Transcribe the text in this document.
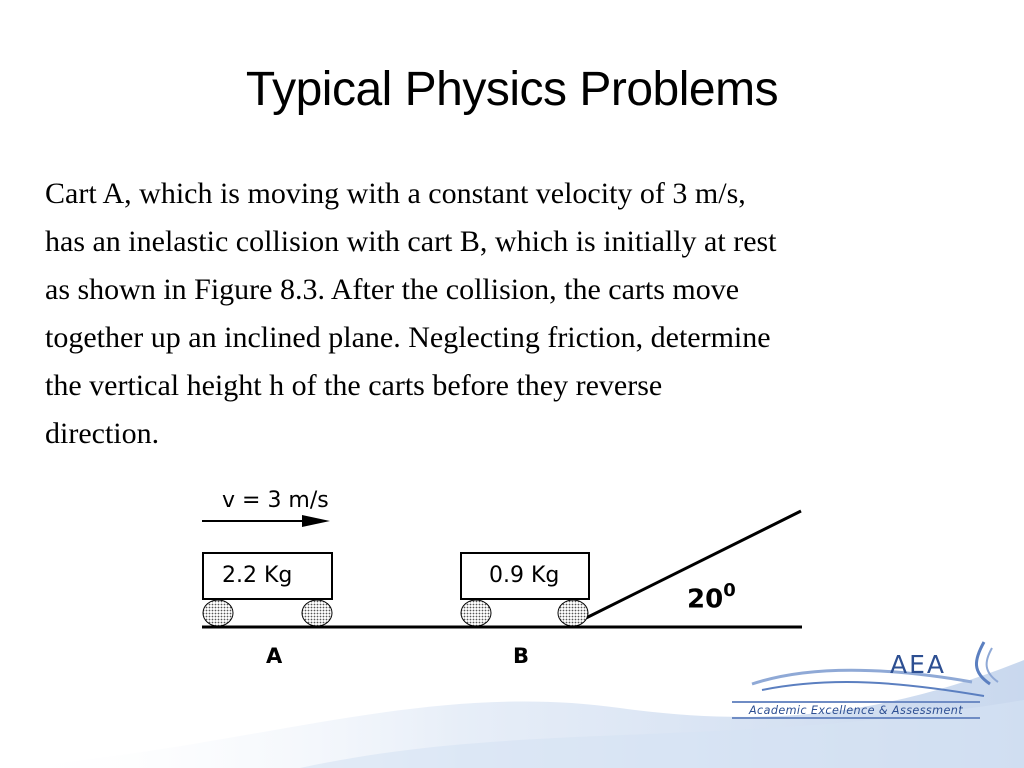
Typical Physics Problems
Cart A, which is moving with a constant velocity of 3 m/s,
has an inelastic collision with cart B, which is initially at rest
as shown in Figure 8.3. After the collision, the carts move
together up an inclined plane. Neglecting friction, determine
the vertical height h of the carts before they reverse
direction.
v = 3 m/s
2.2 Kg	0.9 Kg
A	B
$20^0$
AEA
Academic Excellence & Assessment
